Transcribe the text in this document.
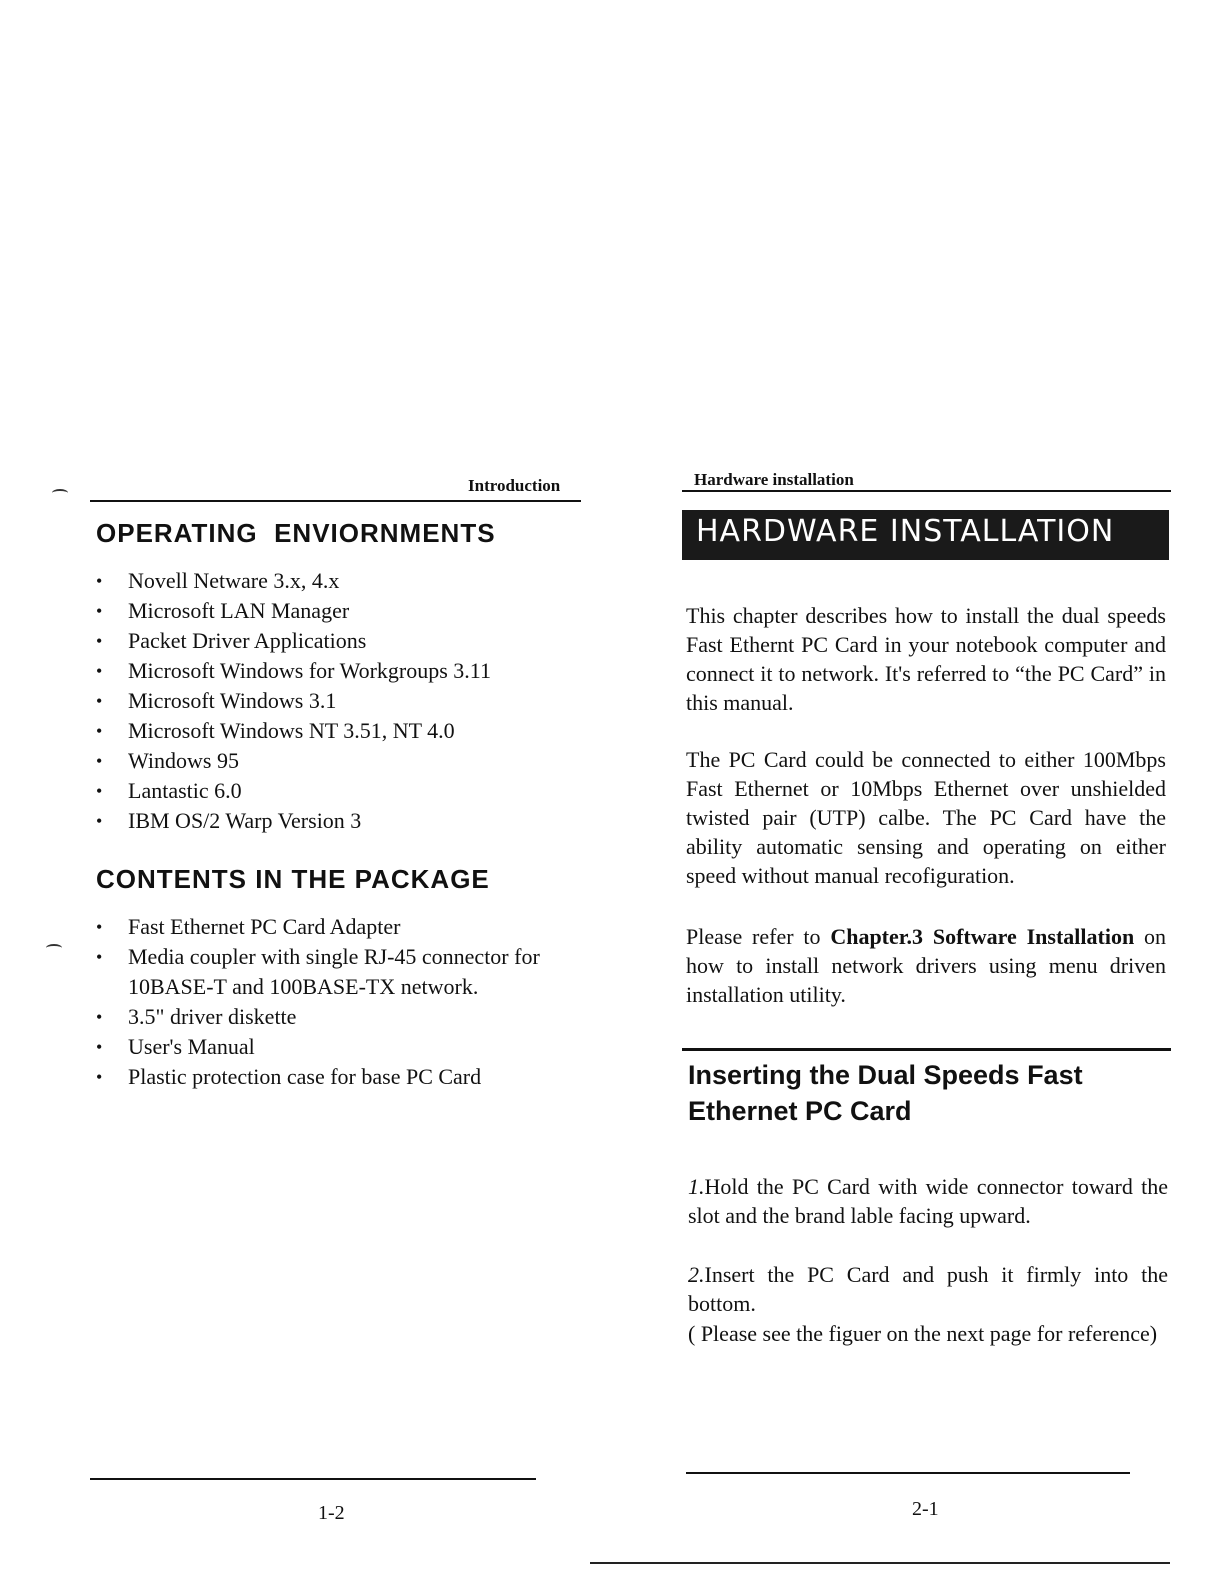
Introduction
OPERATING  ENVIORNMENTS
• Novell Netware 3.x, 4.x
• Microsoft LAN Manager
• Packet Driver Applications
• Microsoft Windows for Workgroups 3.11
• Microsoft Windows 3.1
• Microsoft Windows NT 3.51, NT 4.0
• Windows 95
• Lantastic 6.0
• IBM OS/2 Warp Version 3
CONTENTS IN THE PACKAGE
• Fast Ethernet PC Card Adapter
• Media coupler with single RJ-45 connector for 10BASE-T and 100BASE-TX network.
• 3.5" driver diskette
• User's Manual
• Plastic protection case for base PC Card
1-2
Hardware installation
HARDWARE INSTALLATION
This chapter describes how to install the dual speeds Fast Ethernt PC Card in your notebook computer and connect it to network. It's referred to “the PC Card” in this manual.
The PC Card could be connected to either 100Mbps Fast Ethernet or 10Mbps Ethernet over unshielded twisted pair (UTP) calbe. The PC Card have the ability automatic sensing and operating on either speed without manual recofiguration.
Please refer to Chapter.3 Software Installation on how to install network drivers using menu driven installation utility.
Inserting the Dual Speeds Fast Ethernet PC Card
1.Hold the PC Card with wide connector toward the slot and the brand lable facing upward.
2.Insert the PC Card and push it firmly into the bottom.
( Please see the figuer on the next page for reference)
2-1
